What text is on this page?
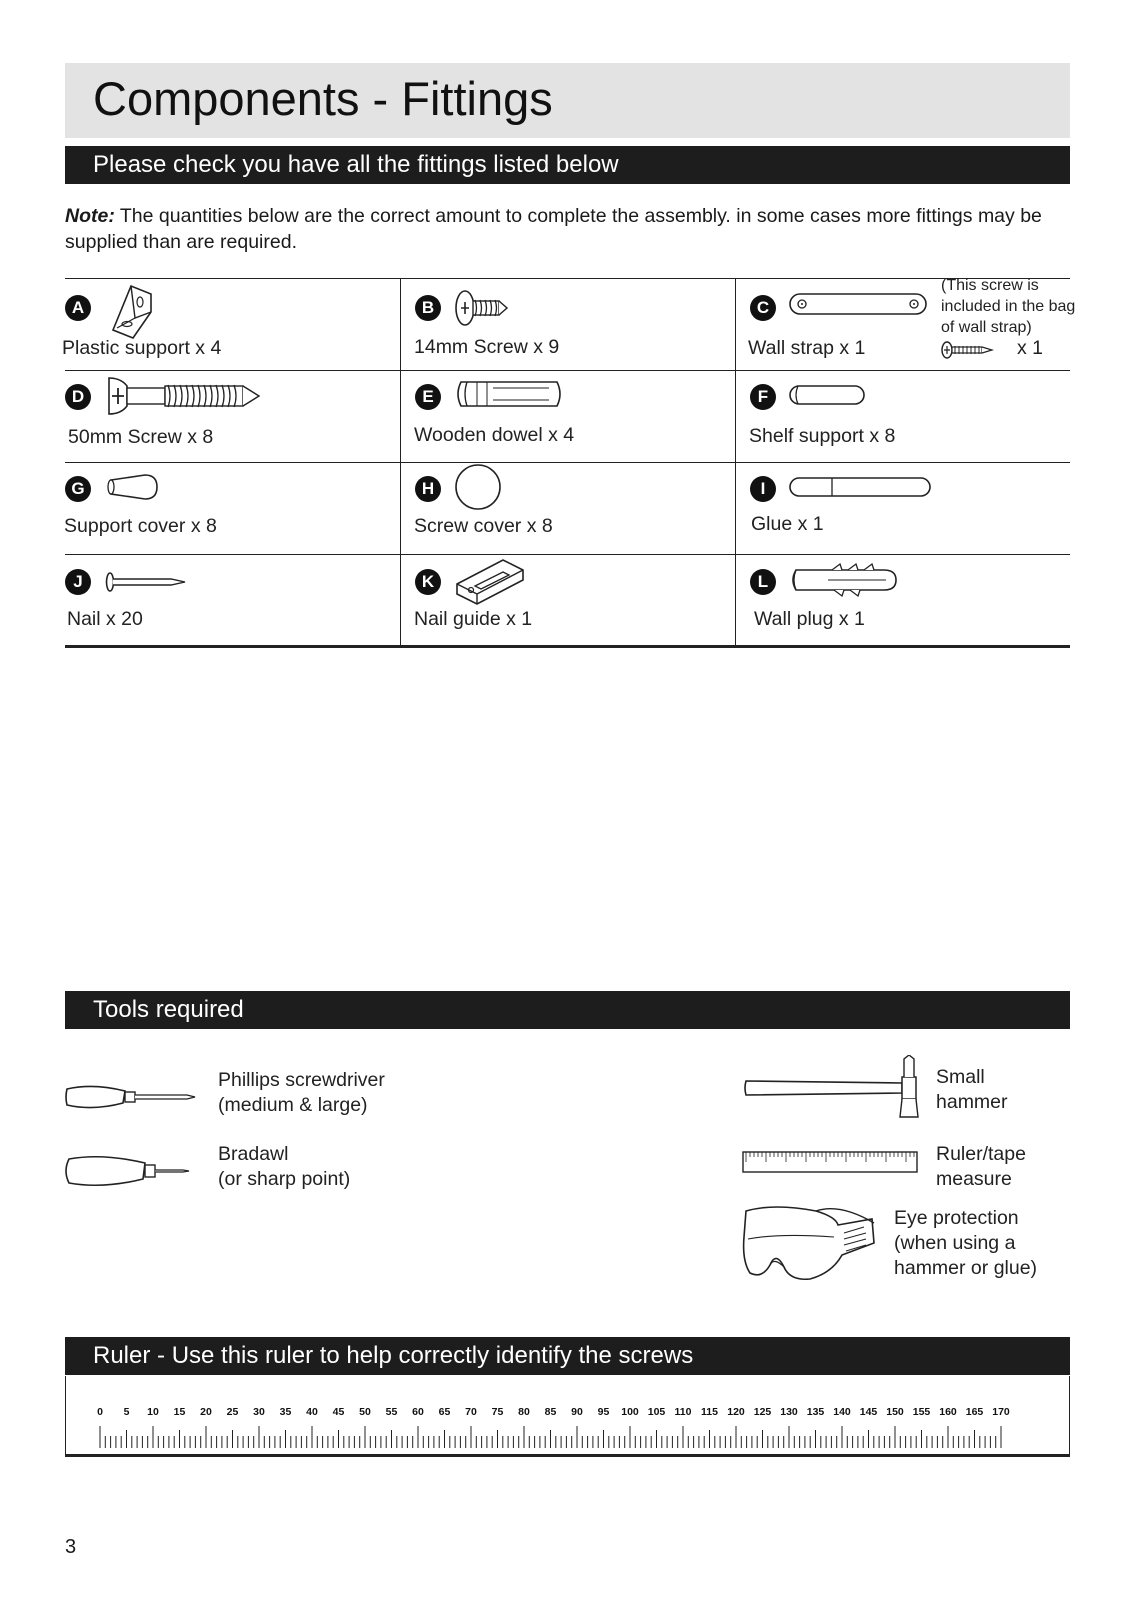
Components - Fittings
Please check you have all the fittings listed below
Note: The quantities below are the correct amount to complete the assembly. in some cases more fittings may be supplied than are required.
A
Plastic support x 4
B
14mm Screw x 9
C
(This screw is included in the bag of wall strap)
x 1
Wall strap x 1
D
50mm Screw x 8
E
Wooden dowel x 4
F
Shelf support x 8
G
Support cover x 8
H
Screw cover x 8
I
Glue x 1
J
Nail x 20
K
Nail guide x 1
L
Wall plug x 1
Tools required
Phillips screwdriver
(medium & large)
Bradawl
(or sharp point)
Small
hammer
Ruler/tape
measure
Eye protection
(when using a
hammer or glue)
Ruler - Use this ruler to help correctly identify the screws
0 5 10 15 20 25 30 35 40 45 50 55 60 65 70 75 80 85 90 95 100 105 110 115 120 125 130 135 140 145 150 155 160 165 170
3
